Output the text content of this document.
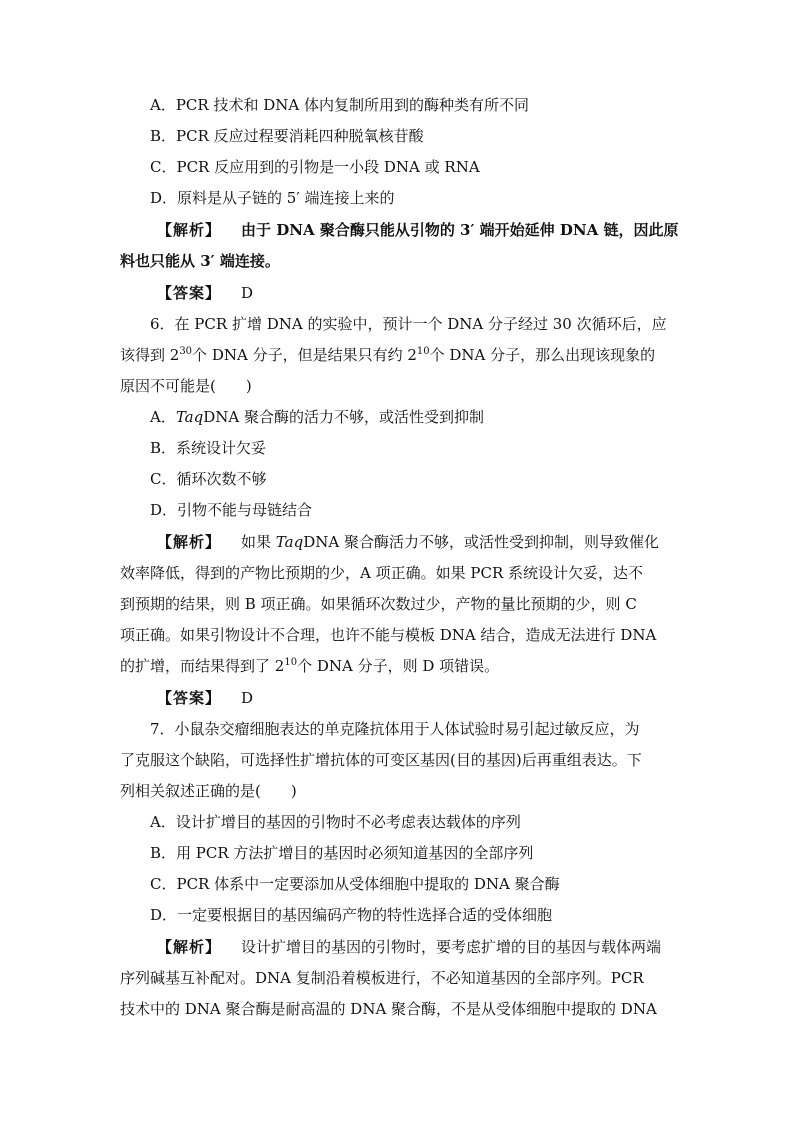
A．PCR 技术和 DNA 体内复制所用到的酶种类有所不同
B．PCR 反应过程要消耗四种脱氧核苷酸
C．PCR 反应用到的引物是一小段 DNA 或 RNA
D．原料是从子链的 5′ 端连接上来的
【解析】 由于 DNA 聚合酶只能从引物的 3′ 端开始延伸 DNA 链，因此原
料也只能从 3′ 端连接。
【答案】 D
6．在 PCR 扩增 DNA 的实验中，预计一个 DNA 分子经过 30 次循环后，应
该得到 $2^{30}$个 DNA 分子，但是结果只有约 $2^{10}$个 DNA 分子，那么出现该现象的
原因不可能是(　　)
A．TaqDNA 聚合酶的活力不够，或活性受到抑制
B．系统设计欠妥
C．循环次数不够
D．引物不能与母链结合
【解析】 如果 TaqDNA 聚合酶活力不够，或活性受到抑制，则导致催化
效率降低，得到的产物比预期的少，A 项正确。如果 PCR 系统设计欠妥，达不
到预期的结果，则 B 项正确。如果循环次数过少，产物的量比预期的少，则 C
项正确。如果引物设计不合理，也许不能与模板 DNA 结合，造成无法进行 DNA
的扩增，而结果得到了 $2^{10}$个 DNA 分子，则 D 项错误。
【答案】 D
7．小鼠杂交瘤细胞表达的单克隆抗体用于人体试验时易引起过敏反应，为
了克服这个缺陷，可选择性扩增抗体的可变区基因(目的基因)后再重组表达。下
列相关叙述正确的是(　　)
A．设计扩增目的基因的引物时不必考虑表达载体的序列
B．用 PCR 方法扩增目的基因时必须知道基因的全部序列
C．PCR 体系中一定要添加从受体细胞中提取的 DNA 聚合酶
D．一定要根据目的基因编码产物的特性选择合适的受体细胞
【解析】 设计扩增目的基因的引物时，要考虑扩增的目的基因与载体两端
序列碱基互补配对。DNA 复制沿着模板进行，不必知道基因的全部序列。PCR
技术中的 DNA 聚合酶是耐高温的 DNA 聚合酶，不是从受体细胞中提取的 DNA
